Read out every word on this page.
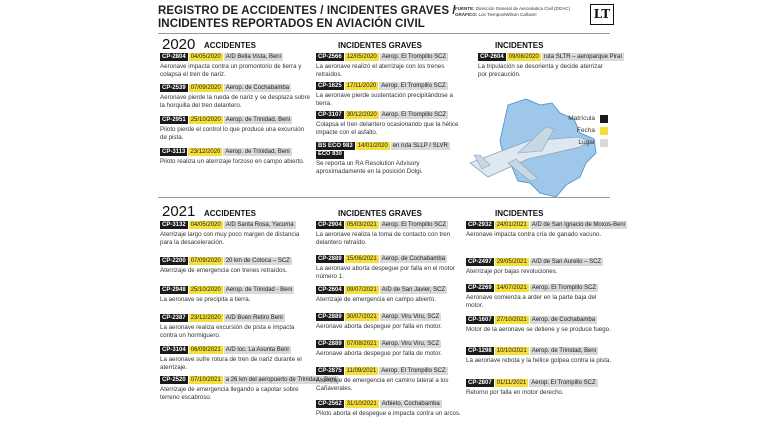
REGISTRO DE ACCIDENTES / INCIDENTES GRAVES /
INCIDENTES REPORTADOS EN AVIACIÓN CIVIL
FUENTE: Dirección General de Aeronáutica Civil (DGAC)
GRÁFICO: Los Tiempos/Wilson Cañaviri	LT
2020 ACCIDENTES	INCIDENTES GRAVES	INCIDENTES
CP-2804 04/05/2020 A/D Bella Vista, Beni
Aeronave impacta contra un promontorio de tierra y colapsa el tren de nariz.
CP-2539 07/09/2020 Aerop. de Cochabamba
Aeronave pierde la rueda de nariz y se desplaza sobre la horquilla del tren delantero.
CP-2951 25/10/2020 Aerop. de Trinidad, Beni
Piloto pierde el control lo que produce una excursión de pista.
CP-3113 23/12/2020 Aerop. de Trinidad, Beni
Piloto realiza un aterrizaje forzoso en campo abierto.
CP-2566 12/05/2020 Aerop. El Trompillo SCZ
La aeronave realizó el aterrizaje con los trenes retraídos.
CP-1625 17/11/2020 Aerop. El Trompillo SCZ
La aeronave pierde sustentación precipitándose a tierra.
CP-3107 30/12/2020 Aerop. El Trompillo SCZ
Colapsa el tren delantero ocasionando que la hélice impacte con el asfalto.
BS ECO 983 14/01/2020 en ruta SLLP / SLVR
ECO 830
Se reporta un RA Resolution Advisory aproximadamente en la posición Dolgi.
CP-2604 09/08/2020 ruta SLTR – aeroparque Piraí
La tripulación se desorienta y decide aterrizar por precaución.
Matrícula
Fecha
Lugar
2021 ACCIDENTES	INCIDENTES GRAVES	INCIDENTES
CP-3132 04/05/2020 A/D Santa Rosa, Yacuma
Aterrizaje largo con muy poco margen de distancia para la desaceleración.
CP-2200 07/09/2020 20 km de Cotoca – SCZ
Aterrizaje de emergencia con trenes retraídos.
CP-2948 25/10/2020 Aerop. de Trinidad - Beni
La aeronave se precipita a tierra.
CP-2387 23/12/2020 A/D Buen Retiro Beni
La aeronave realiza excursión de pista e impacta contra un hormiguero.
CP-3104 06/09/2021 A/D loc. La Asunta Beni
La aeronave sufre rotura de tren de nariz durante el aterrizaje.
CP-2520 07/10/2021 a 26 km del aeropuerto de Trinidad - Beni
Aterrizaje de emergencia llegando a capotar sobre terreno escabroso.
CP-2904 05/03/2021 Aerop. El Trompillo SCZ
La aeronave realiza la toma de contacto con tren delantero retraído.
CP-2889 15/06/2021 Aerop. de Cochabamba
La aeronave aborta despegue por falla en el motor número 1.
CP-2604 09/07/2021 A/D de San Javier, SCZ
Aterrizaje de emergencia en campo abierto.
CP-2889 30/07/2021 Aerop. Viru Viru, SCZ
Aeronave aborta despegue por falla en motor.
CP-2889 07/08/2021 Aerop. Viru Viru, SCZ
Aeronave aborta despegue por falla de motor.
CP-2875 11/09/2021 Aerop. El Trompillo SCZ
Aterrizaje de emergencia en camino lateral a los Cañaverales.
CP-2562 31/10/2021 Arbieto, Cochabamba
Piloto aborta el despegue e impacta contra un arcos.
CP-2932 24/01/2021 A/D de San Ignacio de Moxos-Beni
Aeronave impacta contra cría de ganado vacuno.
CP-2497 29/05/2021 A/D de San Aurelio – SCZ
Aterrizaje por bajas revoluciones.
CP-2269 14/07/2021 Aerop. El Trompillo SCZ
Aeronave comienza a arder en la parte baja del motor.
CP-1607 27/10/2021 Aerop. de Cochabamba
Motor de la aeronave se detiene y se produce fuego.
CP-1298 10/10/2021 Aerop. de Trinidad, Beni
La aeronave rebota y la hélice golpea contra la pista.
CP-2807 01/11/2021 Aerop. El Trompillo SCZ
Retorno por falla en motor derecho.
